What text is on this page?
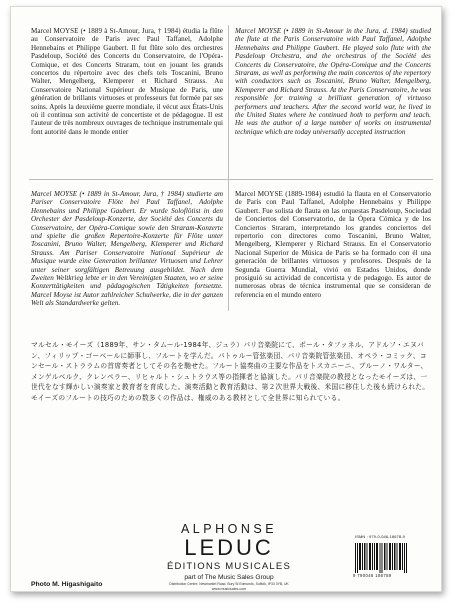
Marcel MOYSE (• 1889 à St-Amour, Jura, † 1984) étudia la flûte au Conservatoire de Paris avec Paul Taffanel, Adolphe Hennebains et Philippe Gaubert. Il fut flûte solo des orchestres Pasdeloup, Société des Concerts du Conservatoire, de l'Opéra-Comique, et des Concerts Straram, tout en jouant les grands concertos du répertoire avec des chefs tels Toscanini, Bruno Walter, Mengelberg, Klemperer et Richard Strauss. Au Conservatoire National Supérieur de Musique de Paris, une génération de brillants virtuoses et professeurs fut formée par ses soins. Après la deuxième guerre mondiale, il vécut aux États-Unis où il continua son activité de concertiste et de pédagogue. Il est l'auteur de très nombreux ouvrages de technique instrumentale qui font autorité dans le monde entier
Marcel MOYSE (• 1889 in St-Amour in the Jura, d. 1984) studied the flute at the Paris Conservatoire with Paul Taffanel, Adolphe Hennebains and Philippe Gaubert. He played solo flute with the Pasdeloup Orchestra, and the orchestras of the Société des Concerts du Conservatoire, the Opéra-Comique and the Concerts Straram, as well as performing the main concertos of the repertory with conductors such as Toscanini, Bruno Walter, Mengelberg, Klemperer and Richard Strauss. At the Paris Conservatoire, he was responsible for training a brilliant generation of virtuoso performers and teachers. After the second world war, he lived in the United States where he continued both to perform and teach. He was the author of a large number of works on instrumental technique which are today universally accepted instruction
Marcel MOYSE (• 1889 in St-Amour, Jura, † 1984) studierte am Pariser Conservatoire Flöte bei Paul Taffanel, Adolphe Hennebains und Philippe Gaubert. Er wurde Soloflötist in den Orchester der Pasdeloup-Konzerte, der Société des Concerts du Conservatoire, der Opéra-Comique sowie den Straram-Konzerte und spielte die großen Repertoire-Konzerte für Flöte unter Toscanini, Bruno Walter, Mengelberg, Klemperer und Richard Strauss. Am Pariser Conservatoire National Supérieur de Musique wurde eine Generation brillanter Virtuosen und Lehrer unter seiner sorgfältigen Betreuung ausgebildet. Nach dem Zweiten Weltkrieg lebte er in den Vereinigten Staaten, wo er seine Konzerttätigkeiten und pädagogischen Tätigkeiten fortsetzte. Marcel Moyse ist Autor zahlreicher Schulwerke, die in der ganzen Welt als Standardwerke gelten.
Marcel MOYSE (1889-1984) estudió la flauta en el Conservatorio de París con Paul Taffanel, Adolphe Hennebains y Philippe Gaubert. Fue solista de flauta en las orquestas Pasdeloup, Sociedad de Conciertos del Conservatorio, de la Ópera Cómica y de los Conciertos Straram, interpretando los grandes conciertos del repertorio con directores como Toscanini, Bruno Walter, Mengelberg, Klemperer y Richard Strauss. En el Conservatorio Nacional Superior de Música de Paris se ha formado con él una generación de brillantes virtuosos y profesores. Después de la Segunda Guerra Mundial, vivió en Estados Unidos, donde prosiguió su actividad de concertista y de pedagogo. Es autor de numerosas obras de técnica instrumental que se consideran de referencia en el mundo entero
マルセル・モイーズ（1889年、サン・タムール-1984年、ジュラ）パリ音楽院にて、ポール・タファネル、アドルフ・エヌバン、フィリップ・ゴーベールに師事し、フルートを学んだ。パトゥルー管弦楽団、パリ音楽院管弦楽団、オペラ・コミック、コンセール・ストララムの首席奏者としてその名を馳せた。フルート協奏曲の主要な作品をトスカニーニ、ブルーノ・ワルター、メンゲルベルク、クレンペラー、リヒャルト・シュトラウス等の指揮者と協演した。パリ音楽院の教授となったモイーズは、一世代をなす輝かしい演奏家と教育者を育成した。演奏活動と教育活動は、第２次世界大戦後、米国に移住した後も続けられた。モイーズのフルートの技巧のための数多くの作品は、権威のある教材として全世界に知られている。
ALPHONSE
LEDUC
ÉDITIONS MUSICALES
part of The Music Sales Group
Distribution Centre, Newmarket Road, Bury St Edmunds, Suffolk, IP33 3YB, UK
www.musicsales.com
ISMN : 979-0-046-18678-9
9 790046 186789
Photo M. Higashigaito
